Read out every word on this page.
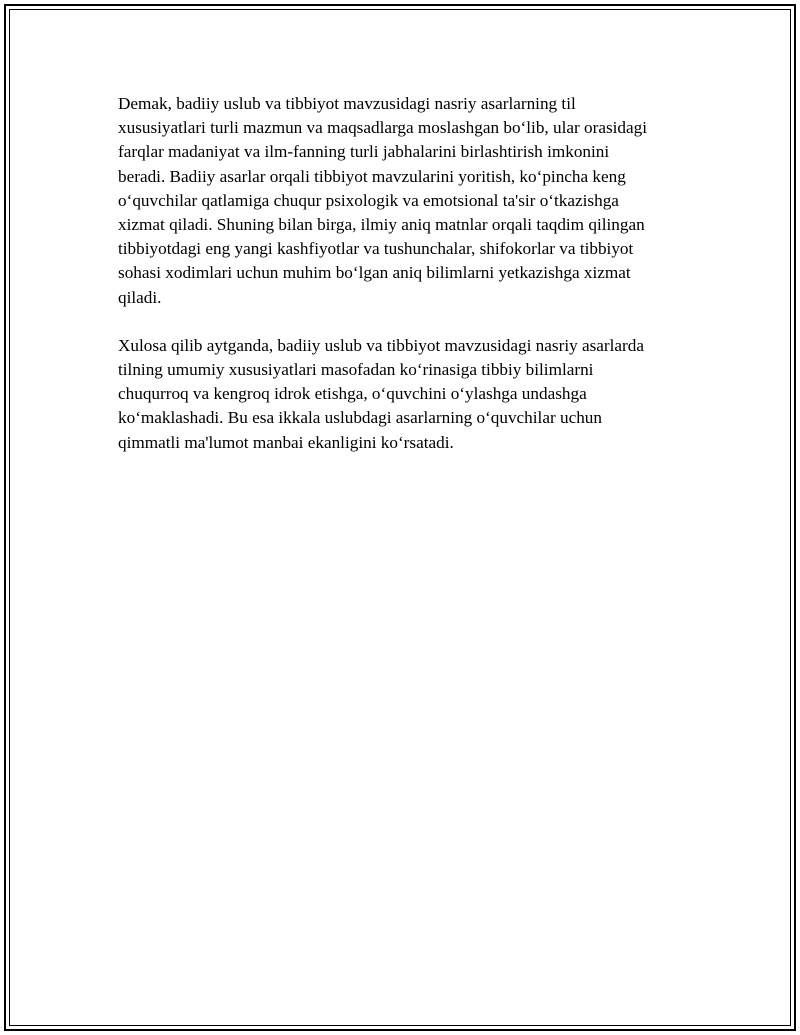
Demak, badiiy uslub va tibbiyot mavzusidagi nasriy asarlarning til
xususiyatlari turli mazmun va maqsadlarga moslashgan boʻlib, ular orasidagi
farqlar madaniyat va ilm-fanning turli jabhalarini birlashtirish imkonini
beradi. Badiiy asarlar orqali tibbiyot mavzularini yoritish, koʻpincha keng
oʻquvchilar qatlamiga chuqur psixologik va emotsional ta'sir oʻtkazishga
xizmat qiladi. Shuning bilan birga, ilmiy aniq matnlar orqali taqdim qilingan
tibbiyotdagi eng yangi kashfiyotlar va tushunchalar, shifokorlar va tibbiyot
sohasi xodimlari uchun muhim boʻlgan aniq bilimlarni yetkazishga xizmat
qiladi.

Xulosa qilib aytganda, badiiy uslub va tibbiyot mavzusidagi nasriy asarlarda
tilning umumiy xususiyatlari masofadan koʻrinasiga tibbiy bilimlarni
chuqurroq va kengroq idrok etishga, oʻquvchini oʻylashga undashga
koʻmaklashadi. Bu esa ikkala uslubdagi asarlarning oʻquvchilar uchun
qimmatli ma'lumot manbai ekanligini koʻrsatadi.
